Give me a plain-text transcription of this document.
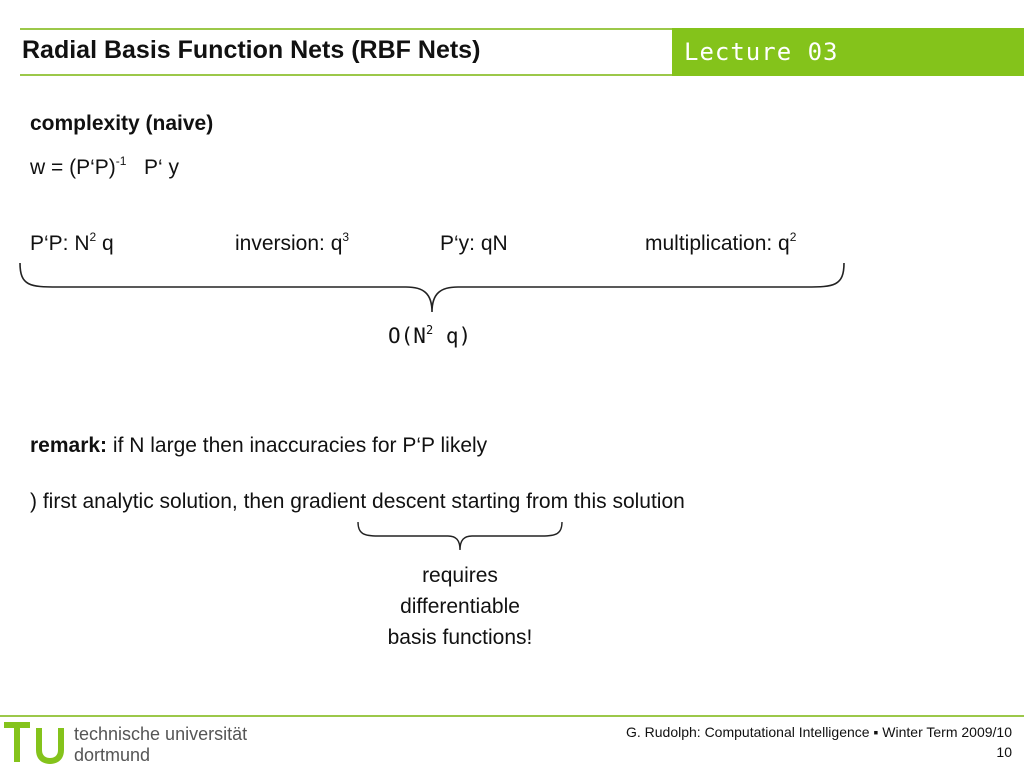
Radial Basis Function Nets (RBF Nets)	Lecture 03
complexity (naive)
w = (P‘P)$^{-1}$ P‘ y
P‘P: $N^2$ q	inversion: $q^3$	P‘y: qN	multiplication: $q^2$
$O(N^2$ q)
remark: if N large then inaccuracies for P‘P likely
) first analytic solution, then gradient descent starting from this solution
requires
differentiable
basis functions!
technische universität
dortmund
G. Rudolph: Computational Intelligence ▪ Winter Term 2009/10
10
